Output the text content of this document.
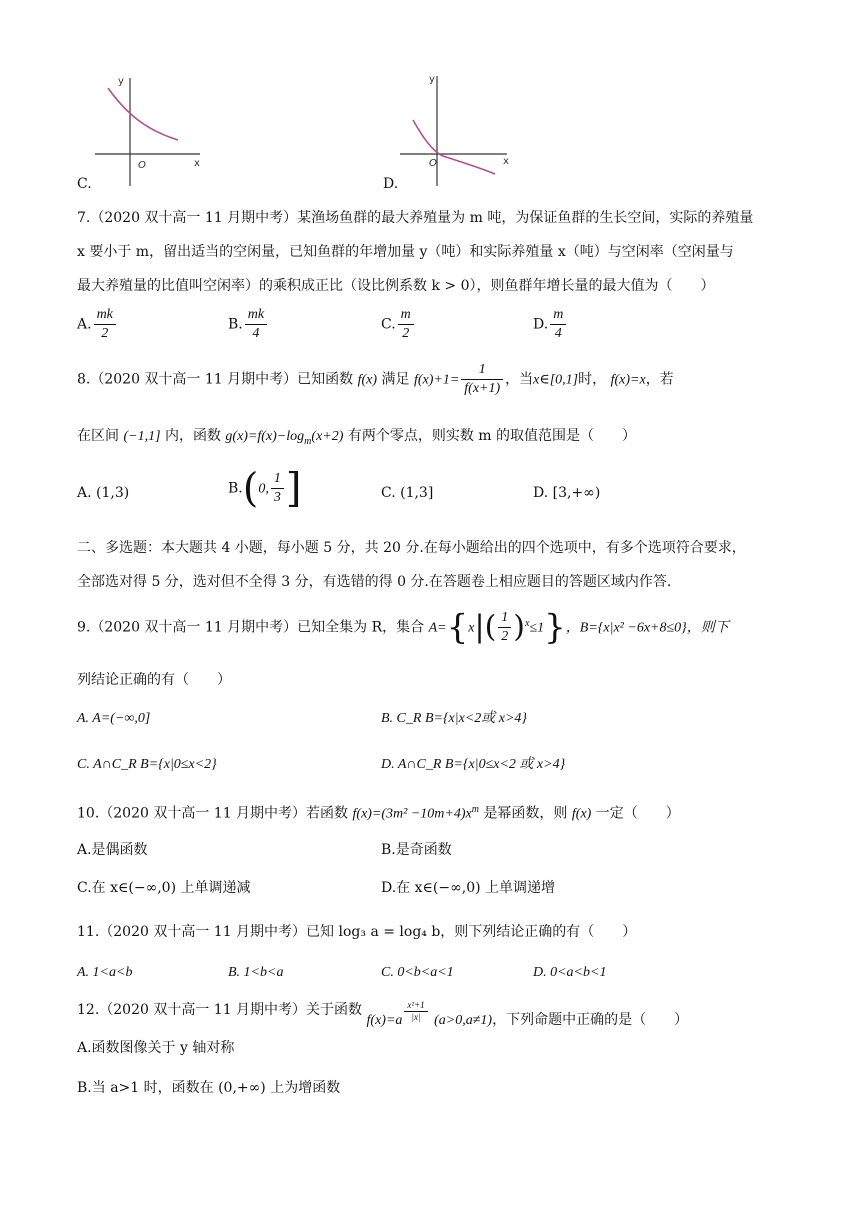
y
x
O
C.
y
x
O
D.
7.（2020 双十高一 11 月期中考）某渔场鱼群的最大养殖量为 m 吨，为保证鱼群的生长空间，实际的养殖量
x 要小于 m，留出适当的空闲量，已知鱼群的年增加量 y（吨）和实际养殖量 x（吨）与空闲率（空闲量与
最大养殖量的比值叫空闲率）的乘积成正比（设比例系数 k > 0），则鱼群年增长量的最大值为（　　）
A. $\frac{mk}{2}$	B. $\frac{mk}{4}$	C. $\frac{m}{2}$	D. $\frac{m}{4}$
8.（2020 双十高一 11 月期中考）已知函数 f(x) 满足 $f(x)+1= \frac{1}{f(x+1)}$ ，当x∈[0,1]时， f(x)=x，若
在区间 (−1,1] 内，函数 $g(x)=f(x)-\log_m(x+2)$ 有两个零点，则实数 m 的取值范围是（　　）
A. (1,3)	B.(0, $\frac{1}{3}$ ]	C. (1,3]	D. [3,+∞)
二、多选题：本大题共 4 小题，每小题 5 分，共 20 分.在每小题给出的四个选项中，有多个选项符合要求，
全部选对得 5 分，选对但不全得 3 分，有选错的得 0 分.在答题卷上相应题目的答题区域内作答.
9.（2020 双十高一 11 月期中考）已知全集为 R，集合 $A=\{x|( \frac{1}{2} )^x\le 1\}$，B={x|x² −6x+8≤0}，则下
列结论正确的有（　　）
A. A=(−∞,0]	B. C_R B={x|x<2或 x>4}
C. A∩C_R B={x|0≤x<2}	D. A∩C_R B={x|0≤x<2 或 x>4}
10.（2020 双十高一 11 月期中考）若函数 $f(x)=(3m^2 -10m+4)x^m$ 是幂函数，则 f(x) 一定（　　）
A.是偶函数	B.是奇函数
C.在 x∈(−∞,0) 上单调递减	D.在 x∈(−∞,0) 上单调递增
11.（2020 双十高一 11 月期中考）已知 log₃ a = log₄ b，则下列结论正确的有（　　）
A. 1<a<b	B. 1<b<a	C. 0<b<a<1	D. 0<a<b<1
12.（2020 双十高一 11 月期中考）关于函数 $f(x)=a \frac{\text{x²+1}}{|x|} (a>0,a\ne 1)$，下列命题中正确的是（　　）
A.函数图像关于 y 轴对称
B.当 a>1 时，函数在 (0,+∞) 上为增函数
